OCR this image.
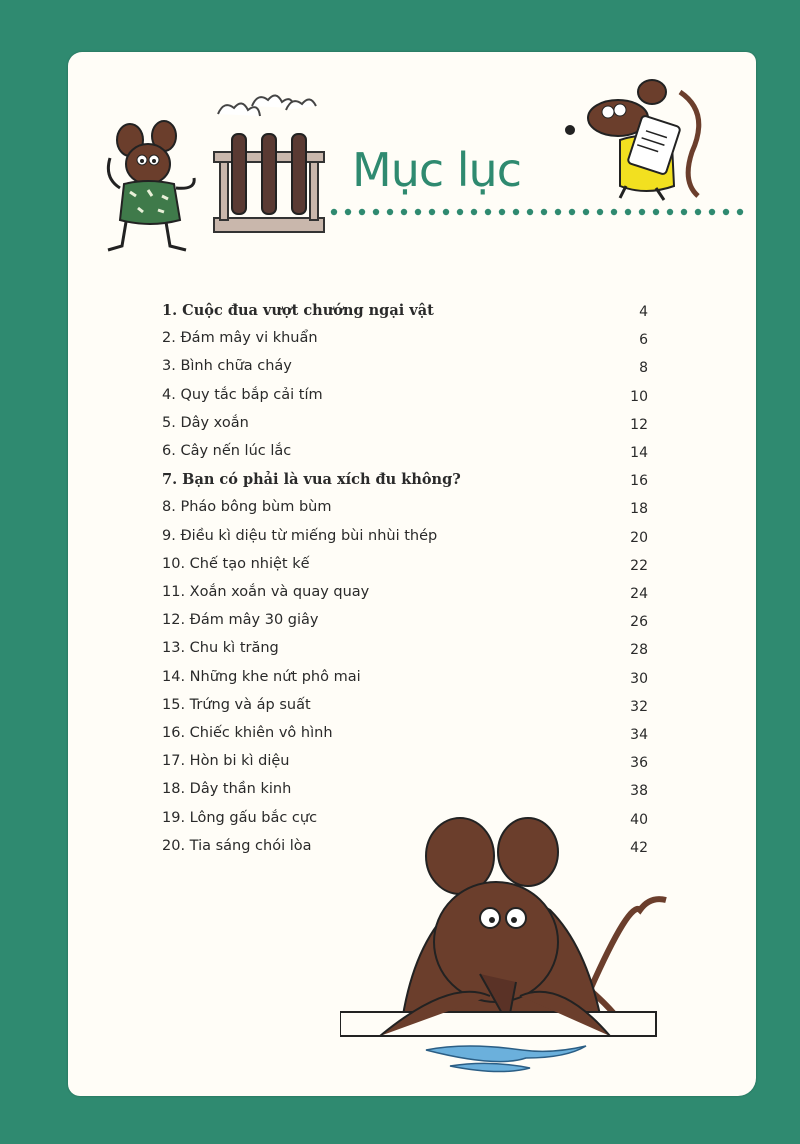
Mục lục
1. Cuộc đua vượt chướng ngại vật	4
2. Đám mây vi khuẩn	6
3. Bình chữa cháy	8
4. Quy tắc bắp cải tím	10
5. Dây xoắn	12
6. Cây nến lúc lắc	14
7. Bạn có phải là vua xích đu không?	16
8. Pháo bông bùm bùm	18
9. Điều kì diệu từ miếng bùi nhùi thép	20
10. Chế tạo nhiệt kế	22
11. Xoắn xoắn và quay quay	24
12. Đám mây 30 giây	26
13. Chu kì trăng	28
14. Những khe nứt phô mai	30
15. Trứng và áp suất	32
16. Chiếc khiên vô hình	34
17. Hòn bi kì diệu	36
18. Dây thần kinh	38
19. Lông gấu bắc cực	40
20. Tia sáng chói lòa	42
